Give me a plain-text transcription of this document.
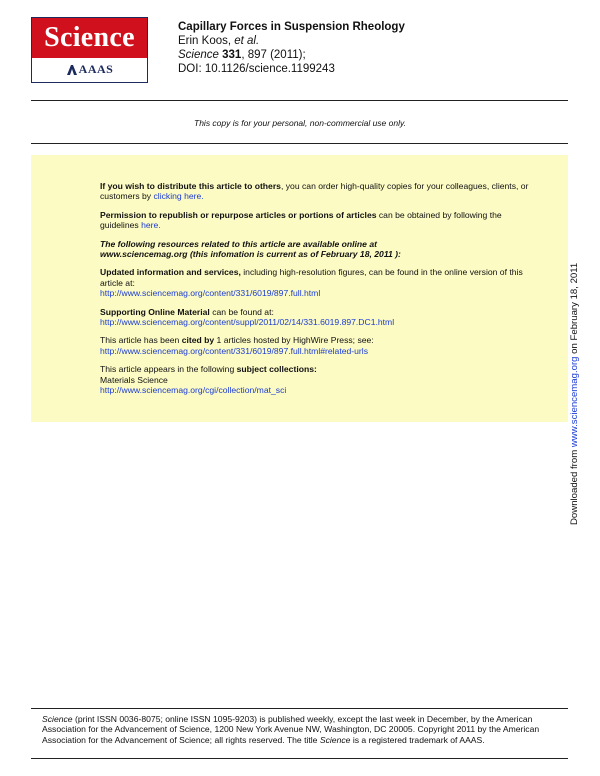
Science
AAAS
Capillary Forces in Suspension Rheology
Erin Koos, et al.
Science 331, 897 (2011);
DOI: 10.1126/science.1199243
This copy is for your personal, non-commercial use only.

If you wish to distribute this article to others, you can order high-quality copies for your colleagues, clients, or customers by clicking here.

Permission to republish or repurpose articles or portions of articles can be obtained by following the guidelines here.

The following resources related to this article are available online at
www.sciencemag.org (this infomation is current as of February 18, 2011 ):

Updated information and services, including high-resolution figures, can be found in the online version of this article at:
http://www.sciencemag.org/content/331/6019/897.full.html

Supporting Online Material can be found at:
http://www.sciencemag.org/content/suppl/2011/02/14/331.6019.897.DC1.html

This article has been cited by 1 articles hosted by HighWire Press; see:
http://www.sciencemag.org/content/331/6019/897.full.html#related-urls

This article appears in the following subject collections:
Materials Science
http://www.sciencemag.org/cgi/collection/mat_sci

Downloaded from www.sciencemag.org on February 18, 2011
Science (print ISSN 0036-8075; online ISSN 1095-9203) is published weekly, except the last week in December, by the American Association for the Advancement of Science, 1200 New York Avenue NW, Washington, DC 20005. Copyright 2011 by the American Association for the Advancement of Science; all rights reserved. The title Science is a registered trademark of AAAS.
